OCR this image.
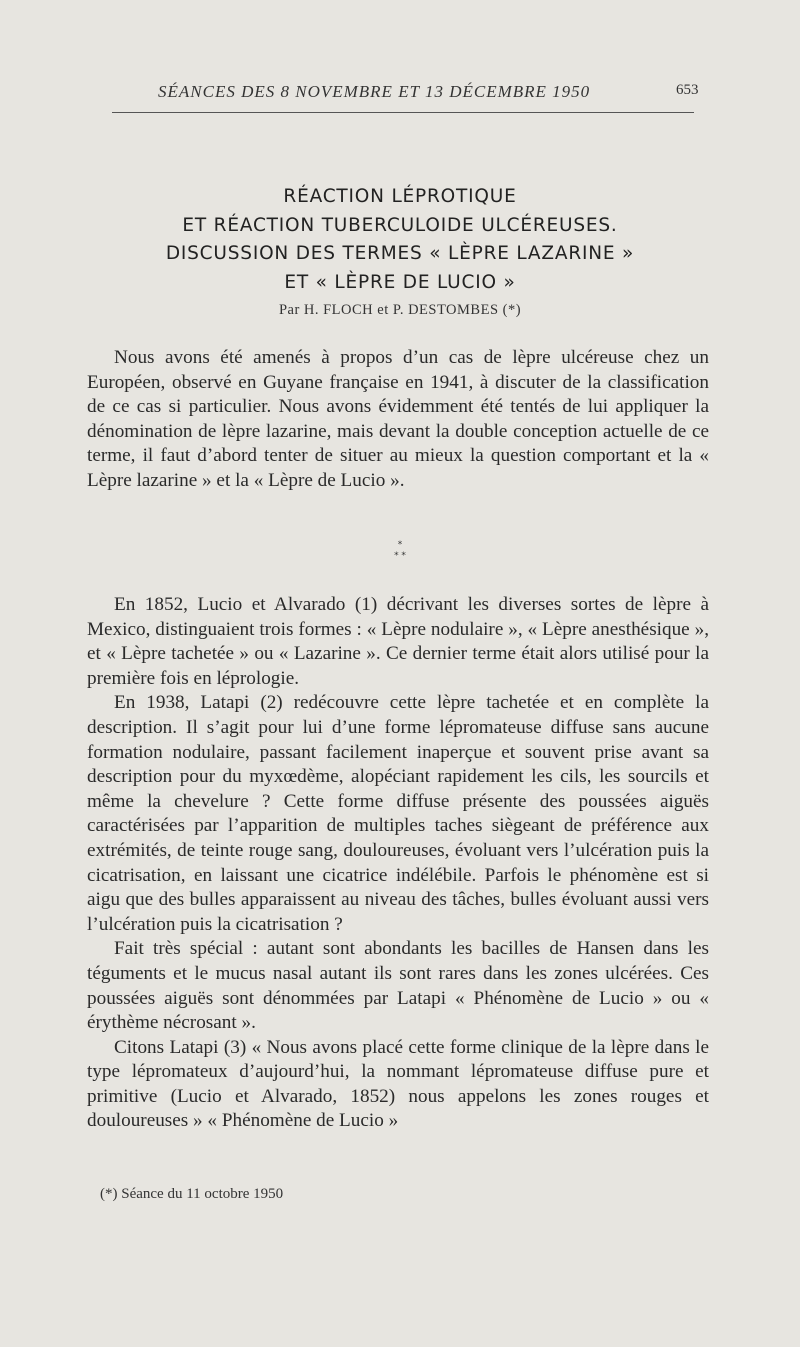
SÉANCES DES 8 NOVEMBRE ET 13 DÉCEMBRE 1950	653
RÉACTION LÉPROTIQUE
ET RÉACTION TUBERCULOIDE ULCÉREUSES.
DISCUSSION DES TERMES « LÈPRE LAZARINE »
ET « LÈPRE DE LUCIO »
Par H. FLOCH et P. DESTOMBES (*)

Nous avons été amenés à propos d’un cas de lèpre ulcéreuse chez un Européen, observé en Guyane française en 1941, à discuter de la classification de ce cas si particulier. Nous avons évidemment été tentés de lui appliquer la dénomination de lèpre lazarine, mais devant la double conception actuelle de ce terme, il faut d’abord tenter de situer au mieux la question comportant et la « Lèpre lazarine » et la « Lèpre de Lucio ».

*
* *

En 1852, Lucio et Alvarado (1) décrivant les diverses sortes de lèpre à Mexico, distinguaient trois formes : « Lèpre nodulaire », « Lèpre anesthésique », et « Lèpre tachetée » ou « Lazarine ». Ce dernier terme était alors utilisé pour la première fois en léprologie.

En 1938, Latapi (2) redécouvre cette lèpre tachetée et en complète la description. Il s’agit pour lui d’une forme lépromateuse diffuse sans aucune formation nodulaire, passant facilement inaperçue et souvent prise avant sa description pour du myxœdème, alopéciant rapidement les cils, les sourcils et même la chevelure ? Cette forme diffuse présente des poussées aiguës caractérisées par l’apparition de multiples taches siègeant de préférence aux extrémités, de teinte rouge sang, douloureuses, évoluant vers l’ulcération puis la cicatrisation, en laissant une cicatrice indélébile. Parfois le phénomène est si aigu que des bulles apparaissent au niveau des tâches, bulles évoluant aussi vers l’ulcération puis la cicatrisation ?

Fait très spécial : autant sont abondants les bacilles de Hansen dans les téguments et le mucus nasal autant ils sont rares dans les zones ulcérées. Ces poussées aiguës sont dénommées par Latapi « Phénomène de Lucio » ou « érythème nécrosant ».

Citons Latapi (3) « Nous avons placé cette forme clinique de la lèpre dans le type lépromateux d’aujourd’hui, la nommant lépromateuse diffuse pure et primitive (Lucio et Alvarado, 1852) nous appelons les zones rouges et douloureuses » « Phénomène de Lucio »

(*) Séance du 11 octobre 1950
